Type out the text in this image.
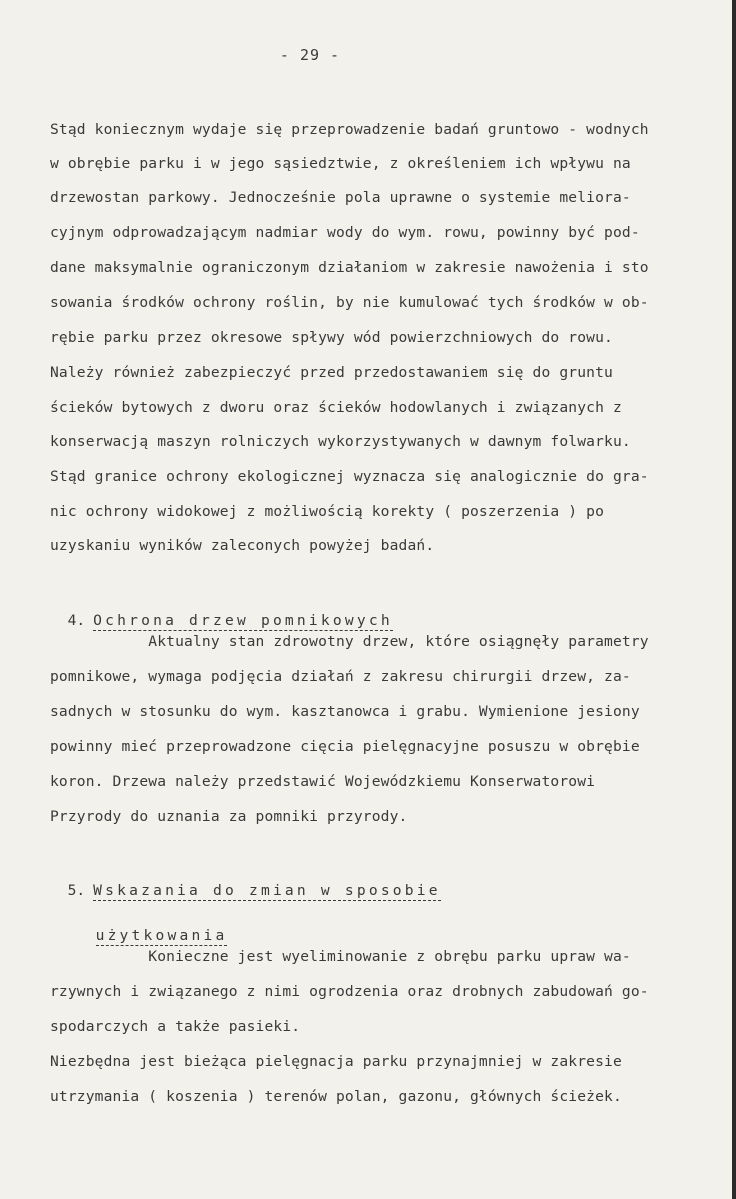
- 29 -
Stąd koniecznym wydaje się przeprowadzenie badań gruntowo - wodnych
w obrębie parku i w jego sąsiedztwie, z określeniem ich wpływu na
drzewostan parkowy. Jednocześnie pola uprawne o systemie meliora-
cyjnym odprowadzającym nadmiar wody do wym. rowu, powinny być pod-
dane maksymalnie ograniczonym działaniom w zakresie nawożenia i sto
sowania środków ochrony roślin, by nie kumulować tych środków w ob-
rębie parku przez okresowe spływy wód powierzchniowych do rowu.
Należy również zabezpieczyć przed przedostawaniem się do gruntu
ścieków bytowych z dworu oraz ścieków hodowlanych i związanych z
konserwacją maszyn rolniczych wykorzystywanych w dawnym folwarku.
Stąd granice ochrony ekologicznej wyznacza się analogicznie do gra-
nic ochrony widokowej z możliwością korekty ( poszerzenia ) po
uzyskaniu wyników zaleconych powyżej badań.

4. Ochrona drzew pomnikowych

Aktualny stan zdrowotny drzew, które osiągnęły parametry
pomnikowe, wymaga podjęcia działań z zakresu chirurgii drzew, za-
sadnych w stosunku do wym. kasztanowca i grabu. Wymienione jesiony
powinny mieć przeprowadzone cięcia pielęgnacyjne posuszu w obrębie
koron. Drzewa należy przedstawić Wojewódzkiemu Konserwatorowi
Przyrody do uznania za pomniki przyrody.

5. Wskazania do zmian w sposobie

użytkowania

Konieczne jest wyeliminowanie z obrębu parku upraw wa-
rzywnych i związanego z nimi ogrodzenia oraz drobnych zabudowań go-
spodarczych a także pasieki.
Niezbędna jest bieżąca pielęgnacja parku przynajmniej w zakresie
utrzymania ( koszenia ) terenów polan, gazonu, głównych ścieżek.
